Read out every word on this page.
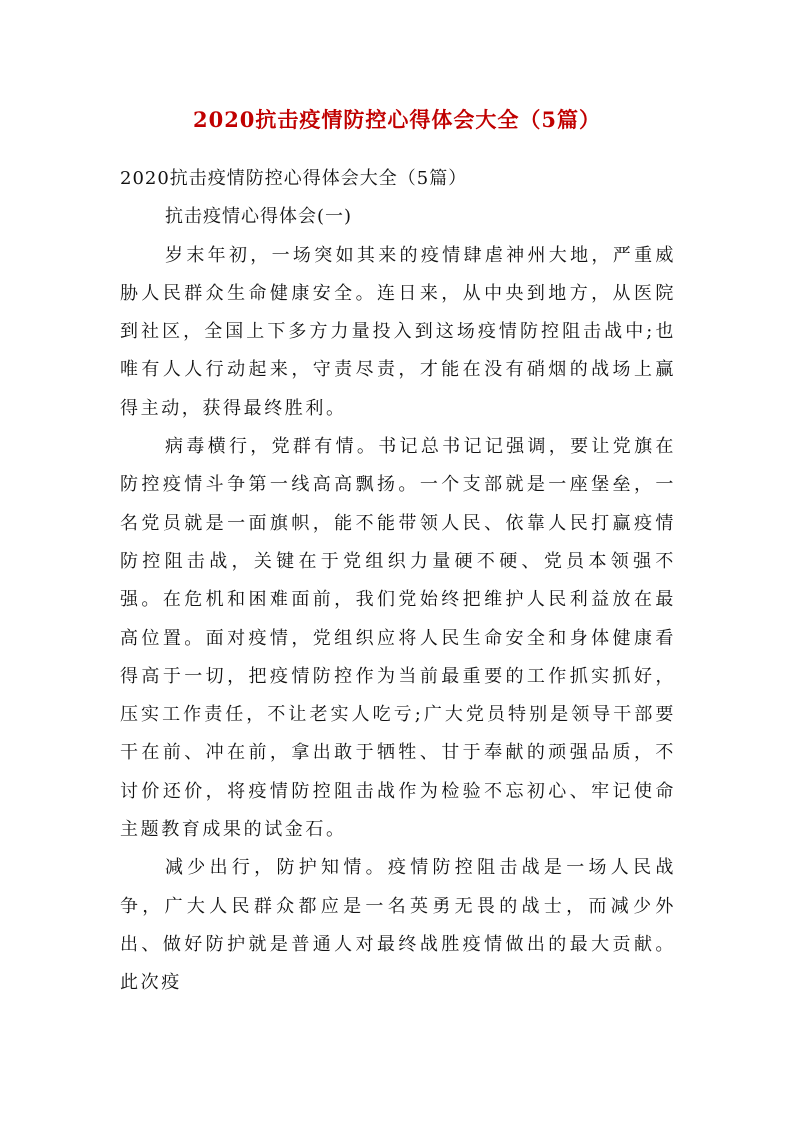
2020抗击疫情防控心得体会大全（5篇）

2020抗击疫情防控心得体会大全（5篇）

抗击疫情心得体会(一)

岁末年初，一场突如其来的疫情肆虐神州大地，严重威胁人民群众生命健康安全。连日来，从中央到地方，从医院到社区，全国上下多方力量投入到这场疫情防控阻击战中;也唯有人人行动起来，守责尽责，才能在没有硝烟的战场上赢得主动，获得最终胜利。

病毒横行，党群有情。书记总书记记强调，要让党旗在防控疫情斗争第一线高高飘扬。一个支部就是一座堡垒，一名党员就是一面旗帜，能不能带领人民、依靠人民打赢疫情防控阻击战，关键在于党组织力量硬不硬、党员本领强不强。在危机和困难面前，我们党始终把维护人民利益放在最高位置。面对疫情，党组织应将人民生命安全和身体健康看得高于一切，把疫情防控作为当前最重要的工作抓实抓好，压实工作责任，不让老实人吃亏;广大党员特别是领导干部要干在前、冲在前，拿出敢于牺牲、甘于奉献的顽强品质，不讨价还价，将疫情防控阻击战作为检验不忘初心、牢记使命主题教育成果的试金石。

减少出行，防护知情。疫情防控阻击战是一场人民战争，广大人民群众都应是一名英勇无畏的战士，而减少外出、做好防护就是普通人对最终战胜疫情做出的最大贡献。此次疫
